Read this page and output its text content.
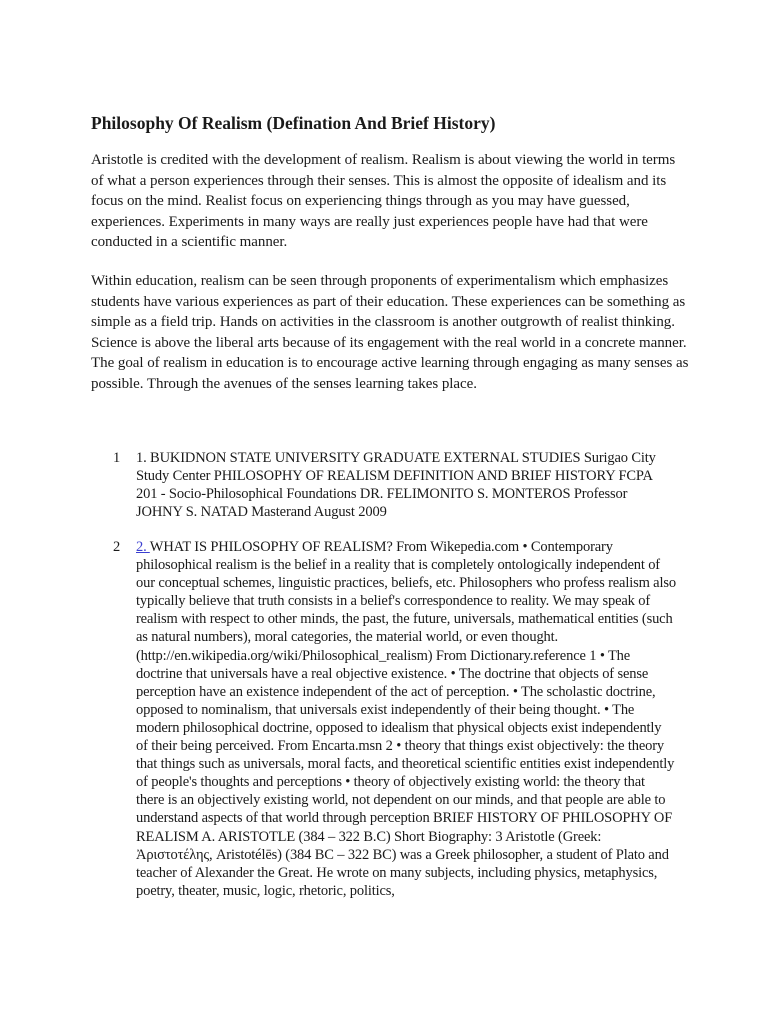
Philosophy Of Realism (Defination And Brief History)

Aristotle is credited with the development of realism. Realism is about viewing the world in terms of what a person experiences through their senses. This is almost the opposite of idealism and its focus on the mind. Realist focus on experiencing things through as you may have guessed, experiences. Experiments in many ways are really just experiences people have had that were conducted in a scientific manner.

Within education, realism can be seen through proponents of experimentalism which emphasizes students have various experiences as part of their education. These experiences can be something as simple as a field trip. Hands on activities in the classroom is another outgrowth of realist thinking. Science is above the liberal arts because of its engagement with the real world in a concrete manner. The goal of realism in education is to encourage active learning through engaging as many senses as possible. Through the avenues of the senses learning takes place.

1 1. BUKIDNON STATE UNIVERSITY GRADUATE EXTERNAL STUDIES Surigao City Study Center PHILOSOPHY OF REALISM DEFINITION AND BRIEF HISTORY FCPA 201 - Socio-Philosophical Foundations DR. FELIMONITO S. MONTEROS Professor JOHNY S. NATAD Masterand August 2009

2 2. WHAT IS PHILOSOPHY OF REALISM? From Wikepedia.com • Contemporary philosophical realism is the belief in a reality that is completely ontologically independent of our conceptual schemes, linguistic practices, beliefs, etc. Philosophers who profess realism also typically believe that truth consists in a belief's correspondence to reality. We may speak of realism with respect to other minds, the past, the future, universals, mathematical entities (such as natural numbers), moral categories, the material world, or even thought. (http://en.wikipedia.org/wiki/Philosophical_realism) From Dictionary.reference 1 • The doctrine that universals have a real objective existence. • The doctrine that objects of sense perception have an existence independent of the act of perception. • The scholastic doctrine, opposed to nominalism, that universals exist independently of their being thought. • The modern philosophical doctrine, opposed to idealism that physical objects exist independently of their being perceived. From Encarta.msn 2 • theory that things exist objectively: the theory that things such as universals, moral facts, and theoretical scientific entities exist independently of people's thoughts and perceptions • theory of objectively existing world: the theory that there is an objectively existing world, not dependent on our minds, and that people are able to understand aspects of that world through perception BRIEF HISTORY OF PHILOSOPHY OF REALISM A. ARISTOTLE (384 – 322 B.C) Short Biography: 3 Aristotle (Greek: Ἀριστοτέλης, Aristotélēs) (384 BC – 322 BC) was a Greek philosopher, a student of Plato and teacher of Alexander the Great. He wrote on many subjects, including physics, metaphysics, poetry, theater, music, logic, rhetoric, politics,
